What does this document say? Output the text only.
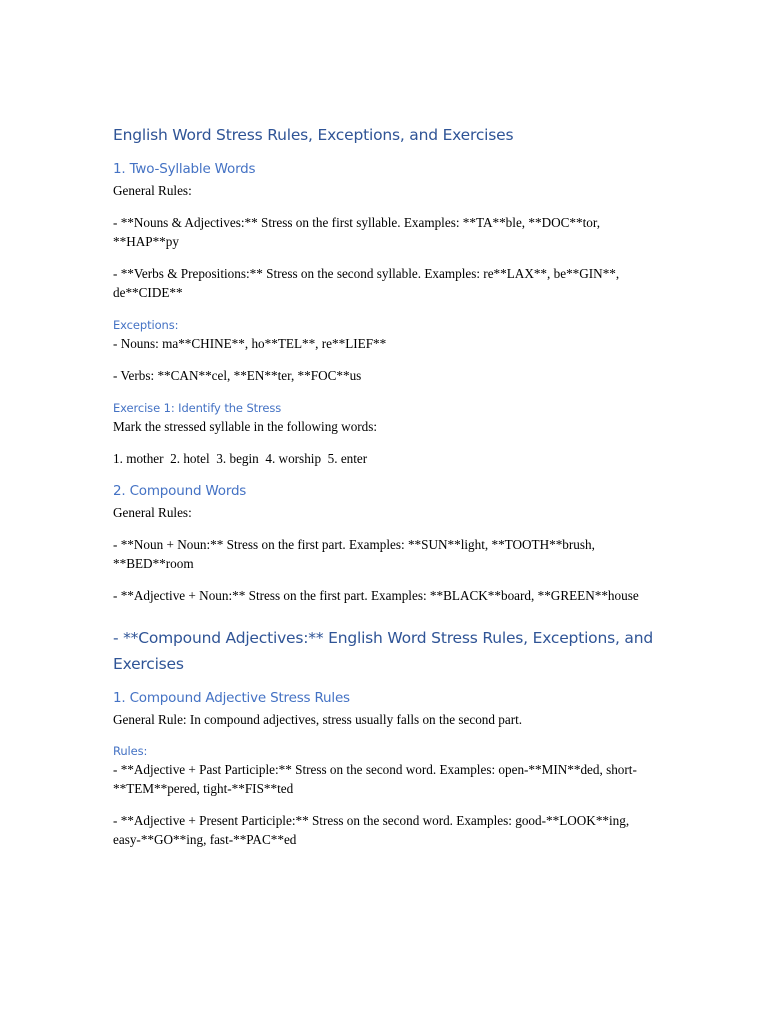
English Word Stress Rules, Exceptions, and Exercises
1. Two-Syllable Words
General Rules:
- **Nouns & Adjectives:** Stress on the first syllable. Examples: **TA**ble, **DOC**tor, **HAP**py
- **Verbs & Prepositions:** Stress on the second syllable. Examples: re**LAX**, be**GIN**, de**CIDE**
Exceptions:
- Nouns: ma**CHINE**, ho**TEL**, re**LIEF**
- Verbs: **CAN**cel, **EN**ter, **FOC**us
Exercise 1: Identify the Stress
Mark the stressed syllable in the following words:
1. mother  2. hotel  3. begin  4. worship  5. enter
2. Compound Words
General Rules:
- **Noun + Noun:** Stress on the first part. Examples: **SUN**light, **TOOTH**brush, **BED**room
- **Adjective + Noun:** Stress on the first part. Examples: **BLACK**board, **GREEN**house
- **Compound Adjectives:** English Word Stress Rules, Exceptions, and Exercises
1. Compound Adjective Stress Rules
General Rule: In compound adjectives, stress usually falls on the second part.
Rules:
- **Adjective + Past Participle:** Stress on the second word. Examples: open-**MIN**ded, short-**TEM**pered, tight-**FIS**ted
- **Adjective + Present Participle:** Stress on the second word. Examples: good-**LOOK**ing, easy-**GO**ing, fast-**PAC**ed
